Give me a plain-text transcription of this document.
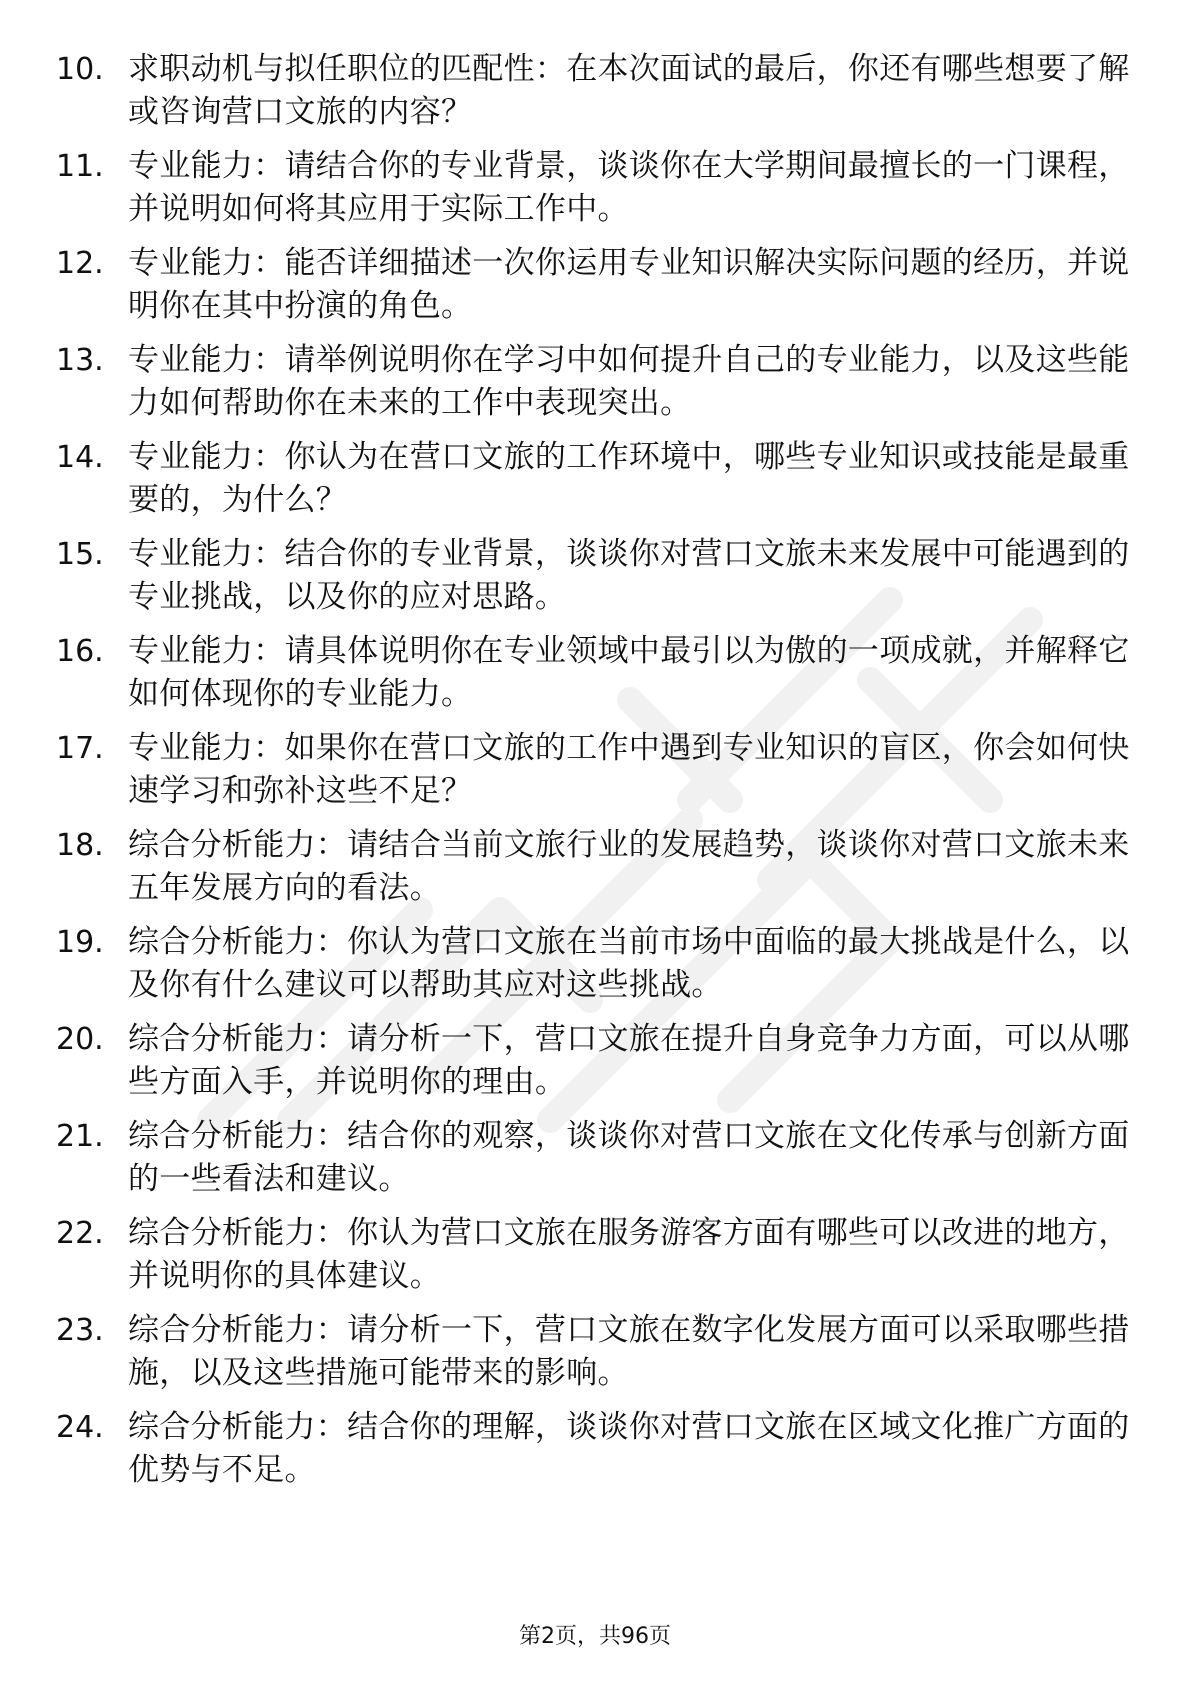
10. 求职动机与拟任职位的匹配性：在本次面试的最后，你还有哪些想要了解或咨询营口文旅的内容？
11. 专业能力：请结合你的专业背景，谈谈你在大学期间最擅长的一门课程，并说明如何将其应用于实际工作中。
12. 专业能力：能否详细描述一次你运用专业知识解决实际问题的经历，并说明你在其中扮演的角色。
13. 专业能力：请举例说明你在学习中如何提升自己的专业能力，以及这些能力如何帮助你在未来的工作中表现突出。
14. 专业能力：你认为在营口文旅的工作环境中，哪些专业知识或技能是最重要的，为什么？
15. 专业能力：结合你的专业背景，谈谈你对营口文旅未来发展中可能遇到的专业挑战，以及你的应对思路。
16. 专业能力：请具体说明你在专业领域中最引以为傲的一项成就，并解释它如何体现你的专业能力。
17. 专业能力：如果你在营口文旅的工作中遇到专业知识的盲区，你会如何快速学习和弥补这些不足？
18. 综合分析能力：请结合当前文旅行业的发展趋势，谈谈你对营口文旅未来五年发展方向的看法。
19. 综合分析能力：你认为营口文旅在当前市场中面临的最大挑战是什么，以及你有什么建议可以帮助其应对这些挑战。
20. 综合分析能力：请分析一下，营口文旅在提升自身竞争力方面，可以从哪些方面入手，并说明你的理由。
21. 综合分析能力：结合你的观察，谈谈你对营口文旅在文化传承与创新方面的一些看法和建议。
22. 综合分析能力：你认为营口文旅在服务游客方面有哪些可以改进的地方，并说明你的具体建议。
23. 综合分析能力：请分析一下，营口文旅在数字化发展方面可以采取哪些措施，以及这些措施可能带来的影响。
24. 综合分析能力：结合你的理解，谈谈你对营口文旅在区域文化推广方面的优势与不足。
第2页，共96页
